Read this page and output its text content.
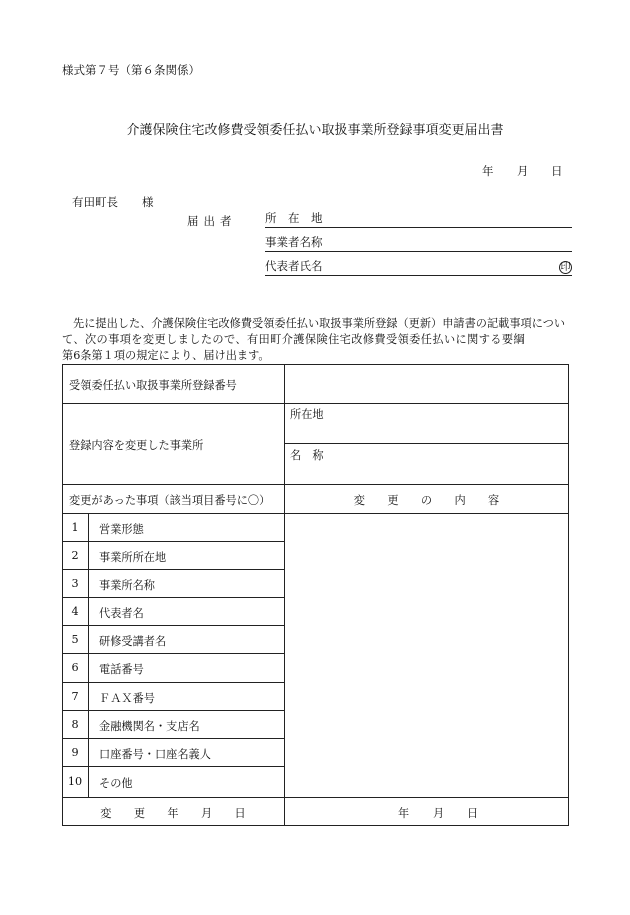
様式第７号（第６条関係）
介護保険住宅改修費受領委任払い取扱事業所登録事項変更届出書
年 月 日
有田町長 様
届出者 所　在　地
事業者名称
代表者氏名	印

先に提出した、介護保険住宅改修費受領委任払い取扱事業所登録（更新）申請書の記載事項につい

て、次の事項を変更しましたので、有田町介護保険住宅改修費受領委任払いに関する要綱

第6条第１項の規定により、届け出ます。

受領委任払い取扱事業所登録番号
登録内容を変更した事業所
所在地
名　称
変更があった事項（該当項目番号に〇）	変　　更　　の　　内　　容
1	営業形態
2	事業所所在地
3	事業所名称
4	代表者名
5	研修受講者名
6	電話番号
7	ＦＡＸ番号
8	金融機関名・支店名
9	口座番号・口座名義人
10	その他
変　　更　　年　　月　　日	年 月 日
